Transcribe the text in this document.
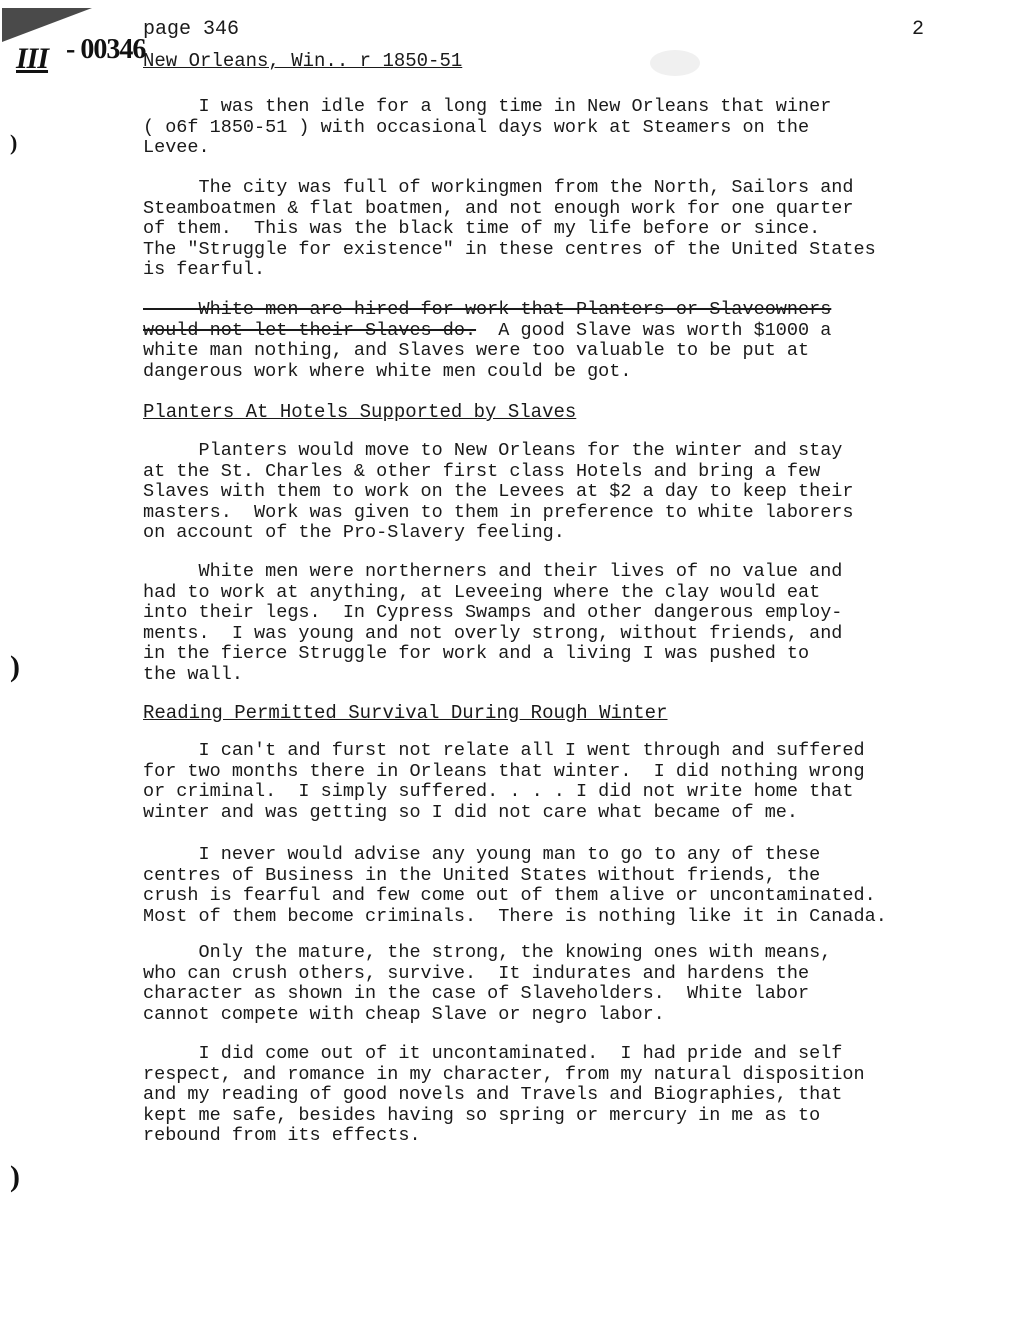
III - 00346
page 346	2
New Orleans, Win.._r 1850-51
I was then idle for a long time in New Orleans that winer
( o6f 1850-51 ) with occasional days work at Steamers on the
Levee.
The city was full of workingmen from the North, Sailors and
Steamboatmen & flat boatmen, and not enough work for one quarter
of them.  This was the black time of my life before or since.
The "Struggle for existence" in these centres of the United States
is fearful.
White men are hired for work that Planters or Slaveowners
would not let their Slaves do.  A good Slave was worth $1000 a
white man nothing, and Slaves were too valuable to be put at
dangerous work where white men could be got.
Planters At Hotels Supported by Slaves
Planters would move to New Orleans for the winter and stay
at the St. Charles & other first class Hotels and bring a few
Slaves with them to work on the Levees at $2 a day to keep their
masters.  Work was given to them in preference to white laborers
on account of the Pro-Slavery feeling.
White men were northerners and their lives of no value and
had to work at anything, at Leveeing where the clay would eat
into their legs.  In Cypress Swamps and other dangerous employ-
ments.  I was young and not overly strong, without friends, and
in the fierce Struggle for work and a living I was pushed to
the wall.
Reading Permitted Survival During Rough Winter
I can't and furst not relate all I went through and suffered
for two months there in Orleans that winter.  I did nothing wrong
or criminal.  I simply suffered. . . . I did not write home that
winter and was getting so I did not care what became of me.
I never would advise any young man to go to any of these
centres of Business in the United States without friends, the
crush is fearful and few come out of them alive or uncontaminated.
Most of them become criminals.  There is nothing like it in Canada.
Only the mature, the strong, the knowing ones with means,
who can crush others, survive.  It indurates and hardens the
character as shown in the case of Slaveholders.  White labor
cannot compete with cheap Slave or negro labor.
I did come out of it uncontaminated.  I had pride and self
respect, and romance in my character, from my natural disposition
and my reading of good novels and Travels and Biographies, that
kept me safe, besides having so spring or mercury in me as to
rebound from its effects.
)
)
)
